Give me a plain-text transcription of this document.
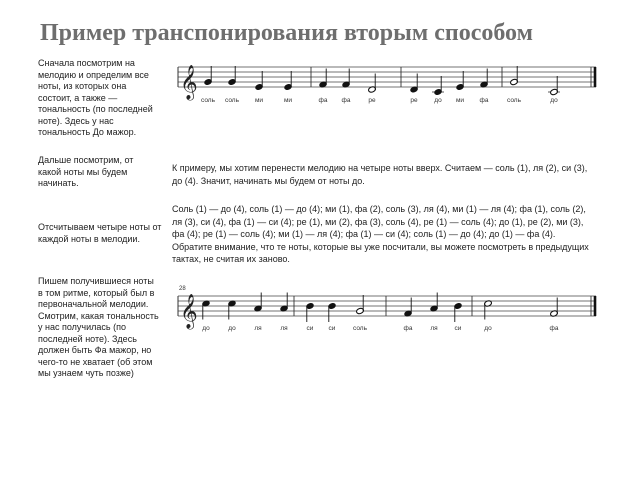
Пример транспонирования вторым способом
Сначала посмотрим на мелодию и определим все ноты, из которых она состоит, а также — тональность (по последней ноте). Здесь у нас тональность До мажор.
Дальше посмотрим, от какой ноты мы будем начинать.
Отсчитываем четыре ноты от каждой ноты в мелодии.
Пишем получившиеся ноты в том ритме, который был в первоначальной мелодии. Смотрим, какая тональность у нас получилась (по последней ноте). Здесь должен быть Фа мажор, но чего-то не хватает (об этом мы узнаем чуть позже)
К примеру, мы хотим перенести мелодию на четыре ноты вверх. Считаем — соль (1), ля (2), си (3), до (4). Значит, начинать мы будем от ноты до.
Соль (1) — до (4), соль (1) — до (4); ми (1), фа (2), соль (3), ля (4), ми (1) — ля (4); фа (1), соль (2), ля (3), си (4), фа (1) — си (4); ре (1), ми (2), фа (3), соль (4), ре (1) — соль (4); до (1), ре (2), ми (3), фа (4); ре (1) — соль (4); ми (1) — ля (4); фа (1) — си (4); соль (1) — до (4); до (1) — фа (4). Обратите внимание, что те ноты, которые вы уже посчитали, вы можете посмотреть в предыдущих тактах, не считая их заново.
𝄞
соль соль ми	ми	фа фа	ре	ре	до ми фа	соль	до
𝄞
28
до	до	ля	ля	си си	соль	фа	ля	си	до	фа
